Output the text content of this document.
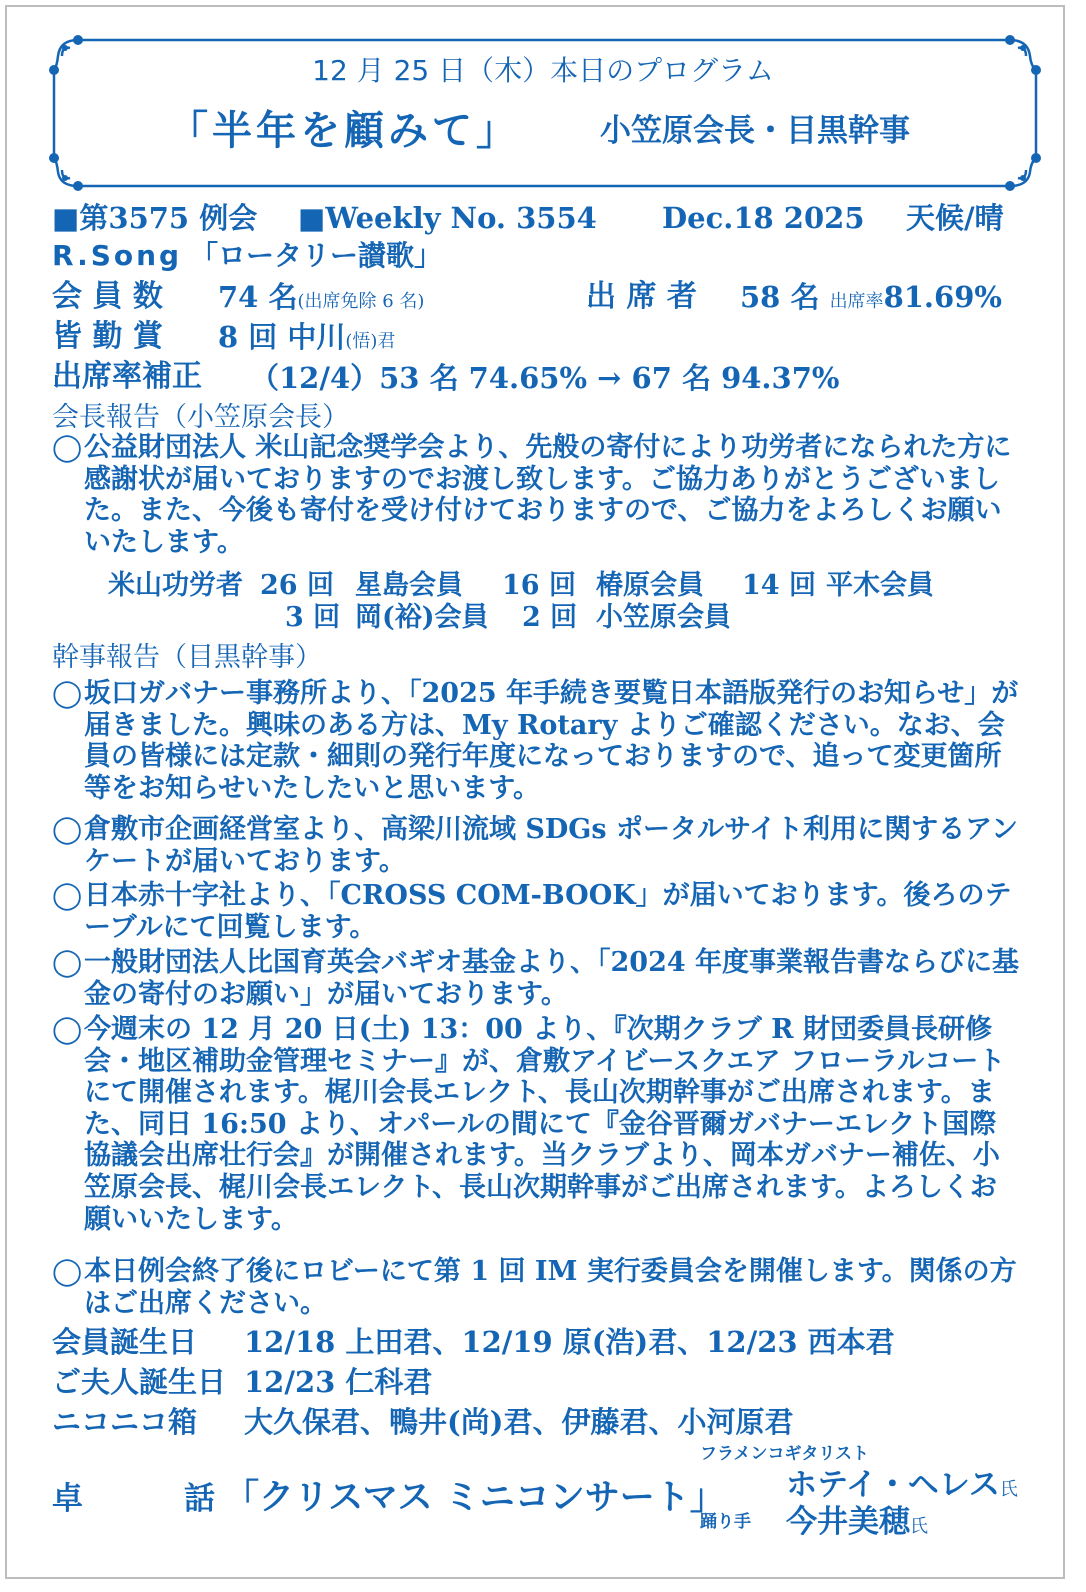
12 月 25 日（木）本日のプログラム
「半年を顧みて」	小笠原会長・目黒幹事
■第3575 例会 ■Weekly No. 3554 Dec.18 2025 天候/晴
R.Song 「ロータリー讃歌」
会 員 数 74 名(出席免除 6 名)	出 席 者 58 名 出席率81.69%
皆 勤 賞 8 回 中川(悟)君
出席率補正 （12/4）53 名 74.65% → 67 名 94.37%
会長報告（小笠原会長）
◯ 公益財団法人 米山記念奨学会より、先般の寄付により功労者になられた方に感謝状が届いておりますのでお渡し致します。ご協力ありがとうございました。また、今後も寄付を受け付けておりますので、ご協力をよろしくお願いいたします。
米山功労者 26 回 星島会員 16 回 椿原会員 14 回 平木会員
3 回 岡(裕)会員 2 回 小笠原会員
幹事報告（目黒幹事）
◯ 坂口ガバナー事務所より、「2025 年手続き要覧日本語版発行のお知らせ」が届きました。興味のある方は、My Rotary よりご確認ください。なお、会員の皆様には定款・細則の発行年度になっておりますので、追って変更箇所等をお知らせいたしたいと思います。
◯ 倉敷市企画経営室より、高梁川流域 SDGs ポータルサイト利用に関するアンケートが届いております。
◯ 日本赤十字社より、「CROSS COM-BOOK」が届いております。後ろのテーブルにて回覧します。
◯ 一般財団法人比国育英会バギオ基金より、「2024 年度事業報告書ならびに基金の寄付のお願い」が届いております。
◯ 今週末の 12 月 20 日(土) 13：00 より、『次期クラブ R 財団委員長研修会・地区補助金管理セミナー』が、倉敷アイビースクエア フローラルコートにて開催されます。梶川会長エレクト、長山次期幹事がご出席されます。また、同日 16:50 より、オパールの間にて『金谷晋爾ガバナーエレクト国際協議会出席壮行会』が開催されます。当クラブより、岡本ガバナー補佐、小笠原会長、梶川会長エレクト、長山次期幹事がご出席されます。よろしくお願いいたします。
◯ 本日例会終了後にロビーにて第 1 回 IM 実行委員会を開催します。関係の方はご出席ください。
会員誕生日 12/18 上田君、12/19 原(浩)君、12/23 西本君
ご夫人誕生日 12/23 仁科君
ニコニコ箱 大久保君、鴨井(尚)君、伊藤君、小河原君
卓	話 「クリスマス ミニコンサート」
フラメンコギタリスト
ホテイ・ヘレス氏
踊り手 今井美穂氏
